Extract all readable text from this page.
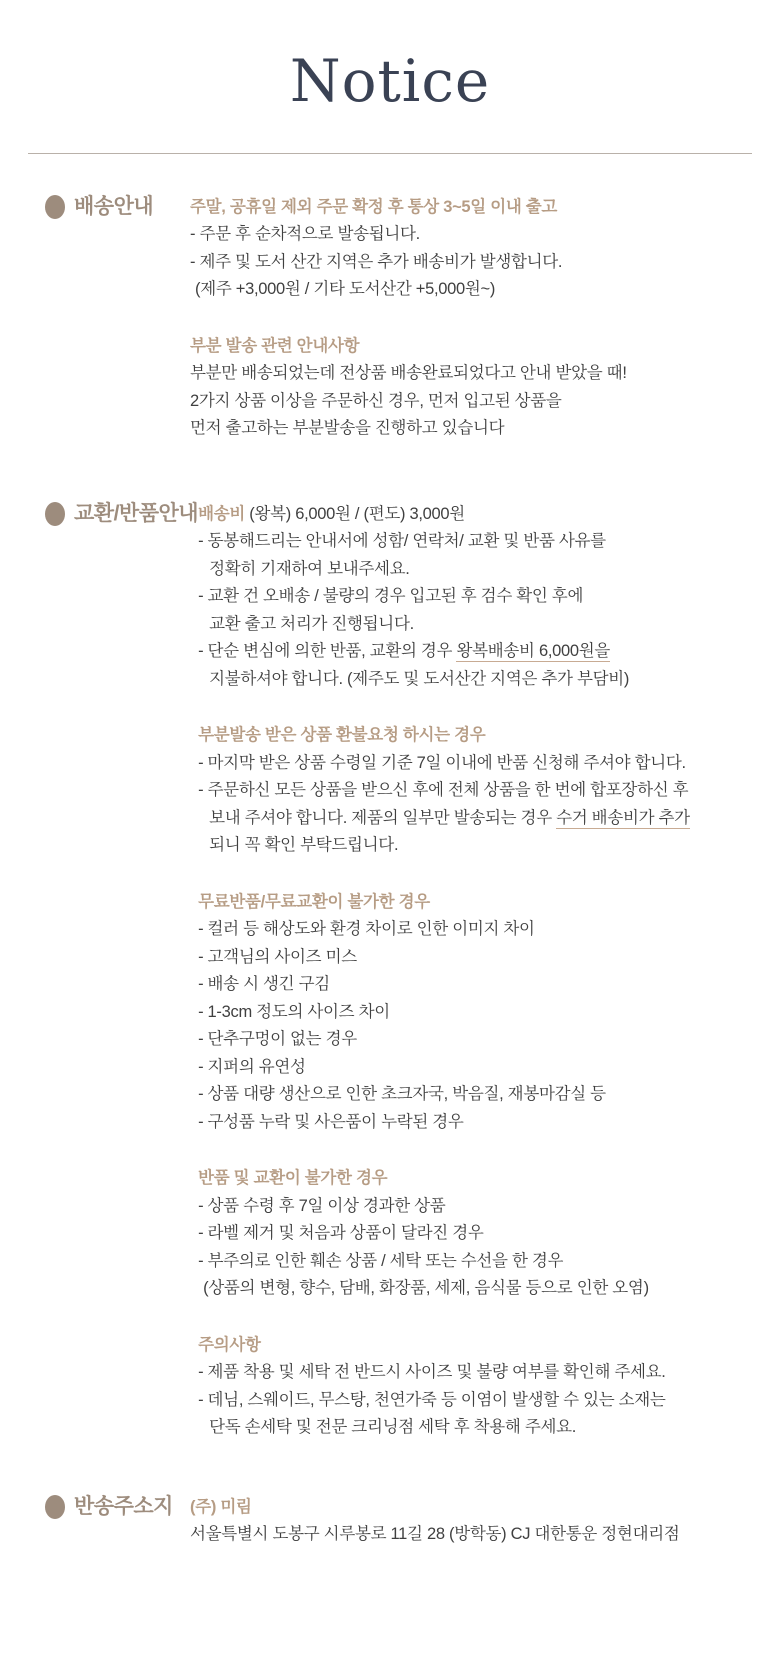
Notice
배송안내 주말, 공휴일 제외 주문 확정 후 통상 3~5일 이내 출고

- 주문 후 순차적으로 발송됩니다.

- 제주 및 도서 산간 지역은 추가 배송비가 발생합니다.

(제주 +3,000원 / 기타 도서산간 +5,000원~)

부분 발송 관련 안내사항

부분만 배송되었는데 전상품 배송완료되었다고 안내 받았을 때!

2가지 상품 이상을 주문하신 경우, 먼저 입고된 상품을

먼저 출고하는 부분발송을 진행하고 있습니다

교환/반품안내 배송비 (왕복) 6,000원 / (편도) 3,000원

- 동봉해드리는 안내서에 성함/ 연락처/ 교환 및 반품 사유를

정확히 기재하여 보내주세요.

- 교환 건 오배송 / 불량의 경우 입고된 후 검수 확인 후에

교환 출고 처리가 진행됩니다.

- 단순 변심에 의한 반품, 교환의 경우 왕복배송비 6,000원을

지불하셔야 합니다. (제주도 및 도서산간 지역은 추가 부담비)

부분발송 받은 상품 환불요청 하시는 경우

- 마지막 받은 상품 수령일 기준 7일 이내에 반품 신청해 주셔야 합니다.

- 주문하신 모든 상품을 받으신 후에 전체 상품을 한 번에 합포장하신 후

보내 주셔야 합니다. 제품의 일부만 발송되는 경우 수거 배송비가 추가

되니 꼭 확인 부탁드립니다.

무료반품/무료교환이 불가한 경우

- 컬러 등 해상도와 환경 차이로 인한 이미지 차이

- 고객님의 사이즈 미스

- 배송 시 생긴 구김

- 1-3cm 정도의 사이즈 차이

- 단추구멍이 없는 경우

- 지퍼의 유연성

- 상품 대량 생산으로 인한 초크자국, 박음질, 재봉마감실 등

- 구성품 누락 및 사은품이 누락된 경우

반품 및 교환이 불가한 경우

- 상품 수령 후 7일 이상 경과한 상품

- 라벨 제거 및 처음과 상품이 달라진 경우

- 부주의로 인한 훼손 상품 / 세탁 또는 수선을 한 경우

(상품의 변형, 향수, 담배, 화장품, 세제, 음식물 등으로 인한 오염)

주의사항

- 제품 착용 및 세탁 전 반드시 사이즈 및 불량 여부를 확인해 주세요.

- 데님, 스웨이드, 무스탕, 천연가죽 등 이염이 발생할 수 있는 소재는

단독 손세탁 및 전문 크리닝점 세탁 후 착용해 주세요.

반송주소지 (주) 미림

서울특별시 도봉구 시루봉로 11길 28 (방학동) CJ 대한통운 정현대리점
